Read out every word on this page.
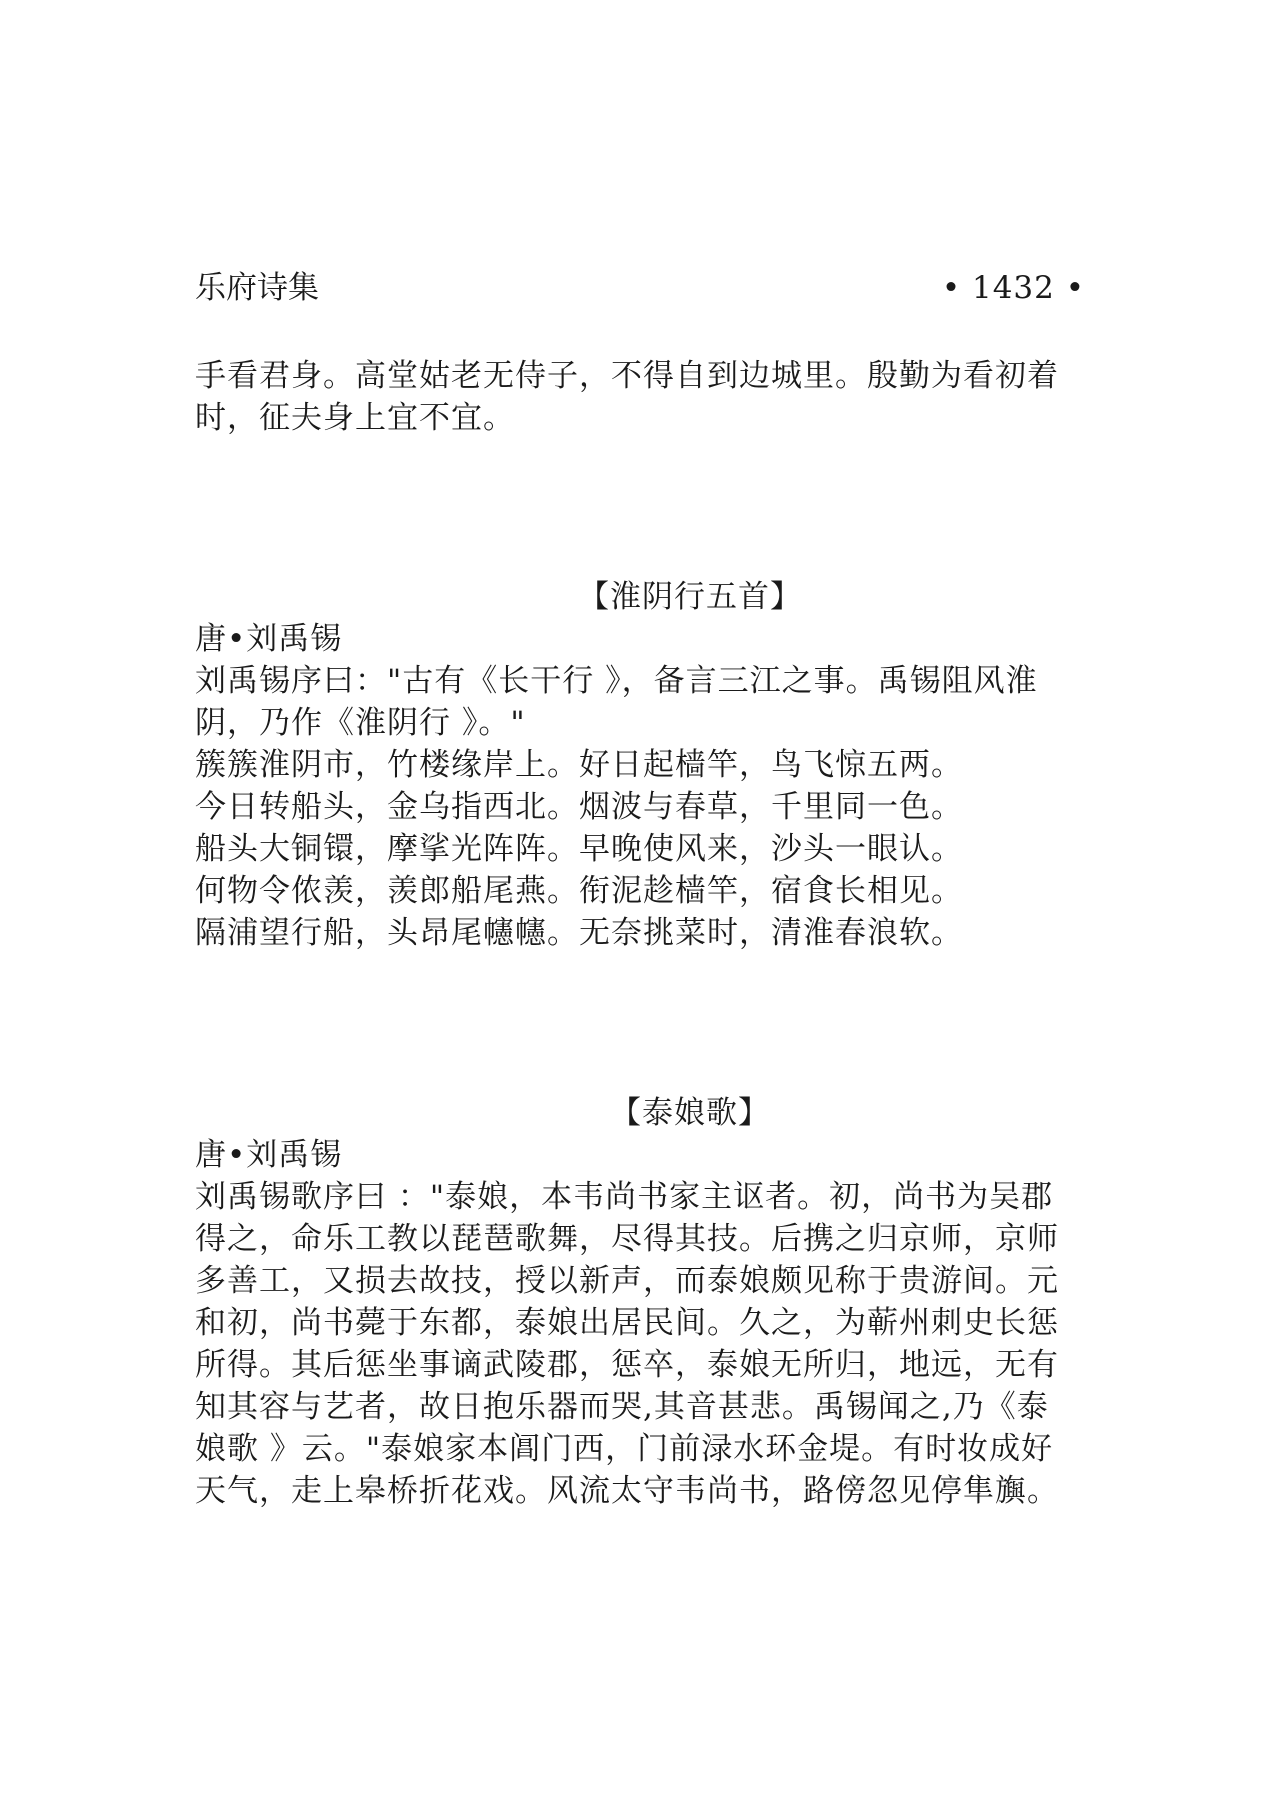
乐府诗集	• 1432 •
手看君身。高堂姑老无侍子，不得自到边城里。殷勤为看初着
时，征夫身上宜不宜。
【淮阴行五首】
唐•刘禹锡
刘禹锡序曰："古有《长干行 》，备言三江之事。禹锡阻风淮
阴，乃作《淮阴行 》。"
簇簇淮阴市，竹楼缘岸上。好日起樯竿，鸟飞惊五两。
今日转船头，金乌指西北。烟波与春草，千里同一色。
船头大铜镮，摩挲光阵阵。早晚使风来，沙头一眼认。
何物令侬羡，羡郎船尾燕。衔泥趁樯竿，宿食长相见。
隔浦望行船，头昂尾幰幰。无奈挑菜时，清淮春浪软。
【泰娘歌】
唐•刘禹锡
刘禹锡歌序曰 ："泰娘，本韦尚书家主讴者。初，尚书为吴郡
得之，命乐工教以琵琶歌舞，尽得其技。后携之归京师，京师
多善工，又损去故技，授以新声，而泰娘颇见称于贵游间。元
和初，尚书薨于东都，泰娘出居民间。久之，为蕲州刺史长惩
所得。其后惩坐事谪武陵郡，惩卒，泰娘无所归，地远，无有
知其容与艺者，故日抱乐器而哭,其音甚悲。禹锡闻之,乃《泰
娘歌 》云。"泰娘家本阊门西，门前渌水环金堤。有时妆成好
天气，走上皋桥折花戏。风流太守韦尚书，路傍忽见停隼旟。
